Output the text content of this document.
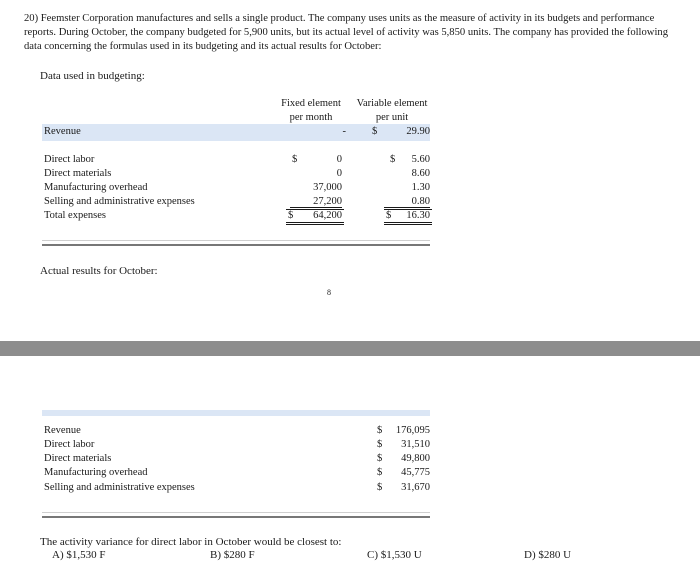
20) Feemster Corporation manufactures and sells a single product. The company uses units as the measure of activity in its budgets and performance reports. During October, the company budgeted for 5,900 units, but its actual level of activity was 5,850 units. The company has provided the following data concerning the formulas used in its budgeting and its actual results for October:
Data used in budgeting:
Fixed element
per month
Variable element
per unit
Revenue	- $	29.90
Direct labor	$	0	$	5.60
Direct materials	0	8.60
Manufacturing overhead	37,000	1.30
Selling and administrative expenses	27,200	0.80
Total expenses	$	64,200	$	16.30
Actual results for October:
8
Revenue	$	176,095
Direct labor	$	31,510
Direct materials	$	49,800
Manufacturing overhead	$	45,775
Selling and administrative expenses	$	31,670
The activity variance for direct labor in October would be closest to:
A) $1,530 F	B) $280 F	C) $1,530 U	D) $280 U
